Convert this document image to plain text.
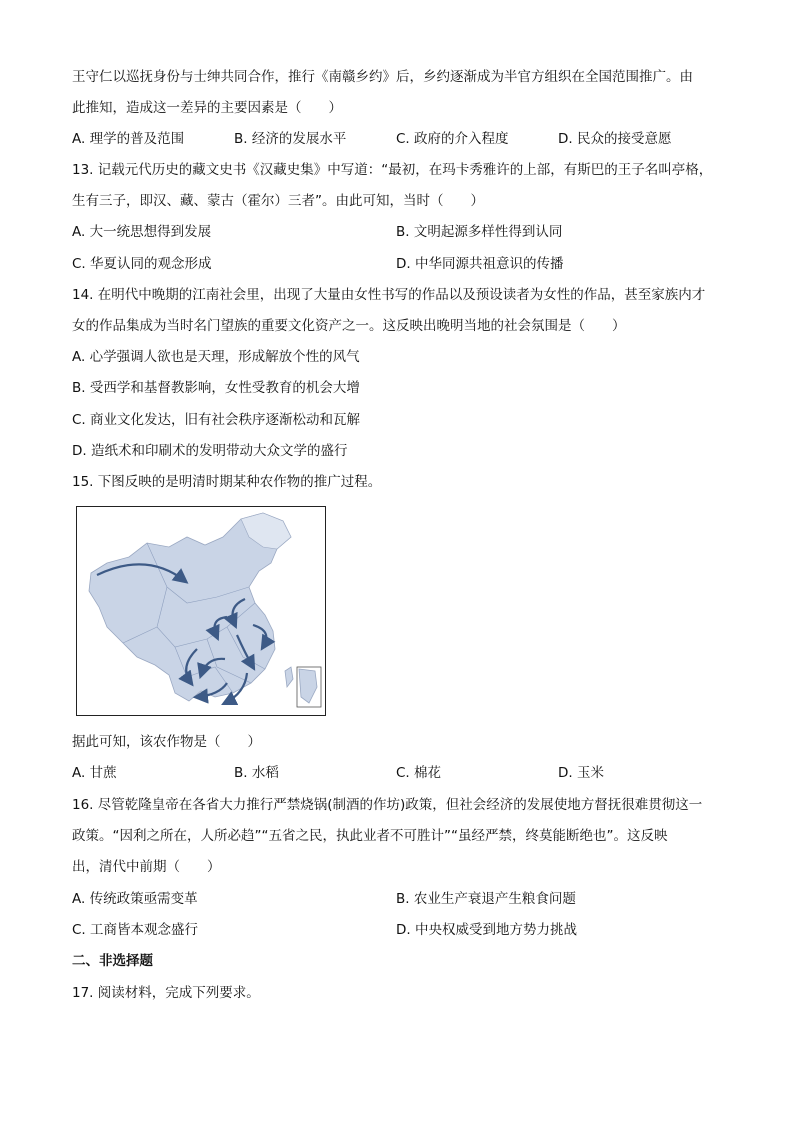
王守仁以巡抚身份与士绅共同合作，推行《南赣乡约》后，乡约逐渐成为半官方组织在全国范围推广。由
此推知，造成这一差异的主要因素是（　　）
A. 理学的普及范围	B. 经济的发展水平	C. 政府的介入程度	D. 民众的接受意愿
13. 记载元代历史的藏文史书《汉藏史集》中写道：“最初，在玛卡秀雅许的上部，有斯巴的王子名叫亭格，
生有三子，即汉、藏、蒙古（霍尔）三者”。由此可知，当时（　　）
A. 大一统思想得到发展	B. 文明起源多样性得到认同
C. 华夏认同的观念形成	D. 中华同源共祖意识的传播
14. 在明代中晚期的江南社会里，出现了大量由女性书写的作品以及预设读者为女性的作品，甚至家族内才
女的作品集成为当时名门望族的重要文化资产之一。这反映出晚明当地的社会氛围是（　　）
A. 心学强调人欲也是天理，形成解放个性的风气
B. 受西学和基督教影响，女性受教育的机会大增
C. 商业文化发达，旧有社会秩序逐渐松动和瓦解
D. 造纸术和印刷术的发明带动大众文学的盛行
15. 下图反映的是明清时期某种农作物的推广过程。
据此可知，该农作物是（　　）
A. 甘蔗	B. 水稻	C. 棉花	D. 玉米
16. 尽管乾隆皇帝在各省大力推行严禁烧锅(制酒的作坊)政策，但社会经济的发展使地方督抚很难贯彻这一
政策。“因利之所在，人所必趋”“五省之民，执此业者不可胜计”“虽经严禁，终莫能断绝也”。这反映
出，清代中前期（　　）
A. 传统政策亟需变革	B. 农业生产衰退产生粮食问题
C. 工商皆本观念盛行	D. 中央权威受到地方势力挑战
二、非选择题
17. 阅读材料，完成下列要求。
